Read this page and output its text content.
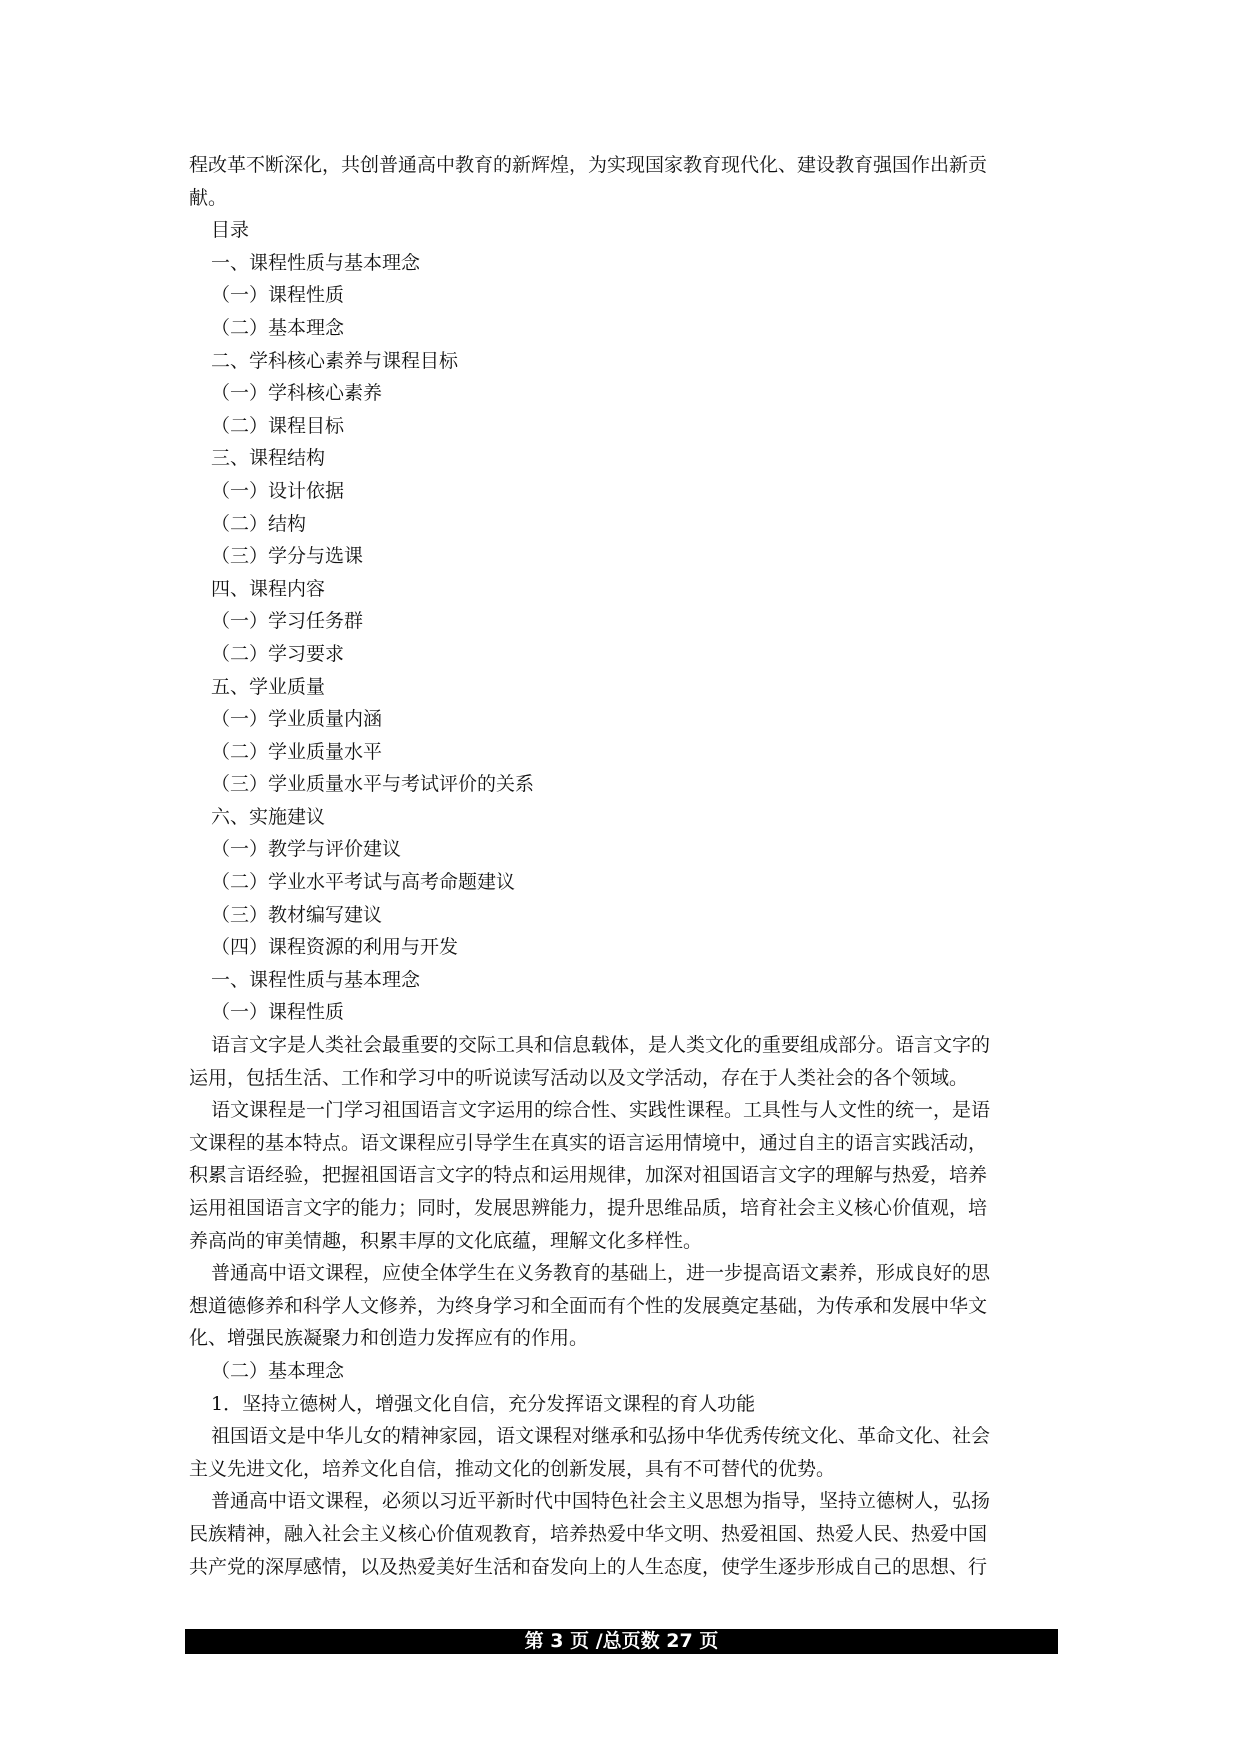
程改革不断深化，共创普通高中教育的新辉煌，为实现国家教育现代化、建设教育强国作出新贡

献。

目录

一、课程性质与基本理念

（一）课程性质

（二）基本理念

二、学科核心素养与课程目标

（一）学科核心素养

（二）课程目标

三、课程结构

（一）设计依据

（二）结构

（三）学分与选课

四、课程内容

（一）学习任务群

（二）学习要求

五、学业质量

（一）学业质量内涵

（二）学业质量水平

（三）学业质量水平与考试评价的关系

六、实施建议

（一）教学与评价建议

（二）学业水平考试与高考命题建议

（三）教材编写建议

（四）课程资源的利用与开发

一、课程性质与基本理念

（一）课程性质

语言文字是人类社会最重要的交际工具和信息载体，是人类文化的重要组成部分。语言文字的

运用，包括生活、工作和学习中的听说读写活动以及文学活动，存在于人类社会的各个领域。

语文课程是一门学习祖国语言文字运用的综合性、实践性课程。工具性与人文性的统一，是语

文课程的基本特点。语文课程应引导学生在真实的语言运用情境中，通过自主的语言实践活动，

积累言语经验，把握祖国语言文字的特点和运用规律，加深对祖国语言文字的理解与热爱，培养

运用祖国语言文字的能力；同时，发展思辨能力，提升思维品质，培育社会主义核心价值观，培

养高尚的审美情趣，积累丰厚的文化底蕴，理解文化多样性。

普通高中语文课程，应使全体学生在义务教育的基础上，进一步提高语文素养，形成良好的思

想道德修养和科学人文修养，为终身学习和全面而有个性的发展奠定基础，为传承和发展中华文

化、增强民族凝聚力和创造力发挥应有的作用。

（二）基本理念

1．坚持立德树人，增强文化自信，充分发挥语文课程的育人功能

祖国语文是中华儿女的精神家园，语文课程对继承和弘扬中华优秀传统文化、革命文化、社会

主义先进文化，培养文化自信，推动文化的创新发展，具有不可替代的优势。

普通高中语文课程，必须以习近平新时代中国特色社会主义思想为指导，坚持立德树人，弘扬

民族精神，融入社会主义核心价值观教育，培养热爱中华文明、热爱祖国、热爱人民、热爱中国

共产党的深厚感情，以及热爱美好生活和奋发向上的人生态度，使学生逐步形成自己的思想、行

第 3 页 /总页数 27 页
